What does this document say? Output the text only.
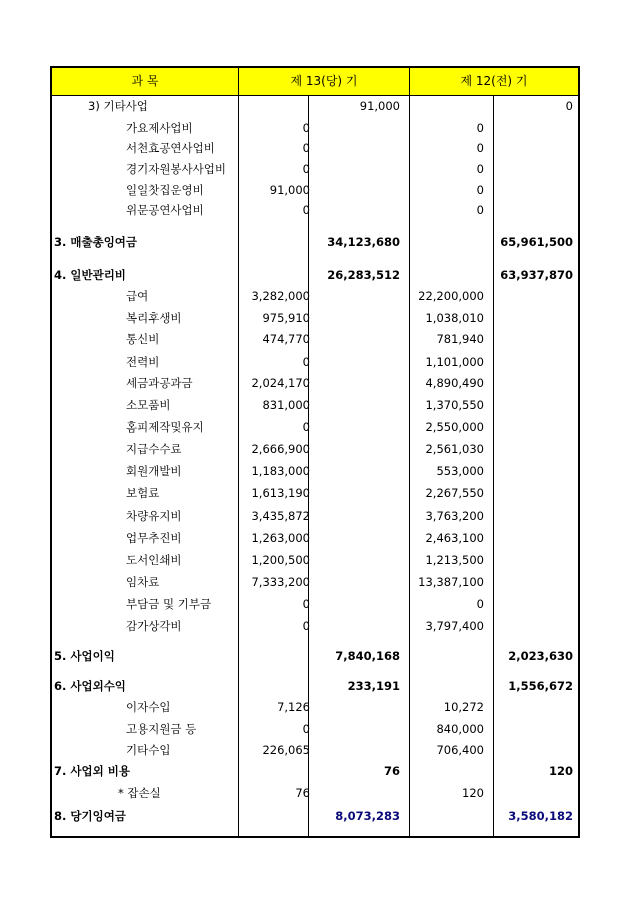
과 목	제 13(당) 기	제 12(전) 기
3) 기타사업	91,000	0
가요제사업비	0	0
서천효공연사업비	0	0
경기자원봉사사업비	0	0
일일찻집운영비	91,000	0
위문공연사업비	0	0
3. 매출총잉여금	34,123,680	65,961,500
4. 일반관리비	26,283,512	63,937,870
급여	3,282,000	22,200,000
복리후생비	975,910	1,038,010
통신비	474,770	781,940
전력비	0	1,101,000
세금과공과금	2,024,170	4,890,490
소모품비	831,000	1,370,550
홈피제작및유지	0	2,550,000
지급수수료	2,666,900	2,561,030
회원개발비	1,183,000	553,000
보험료	1,613,190	2,267,550
차량유지비	3,435,872	3,763,200
업무추진비	1,263,000	2,463,100
도서인쇄비	1,200,500	1,213,500
임차료	7,333,200	13,387,100
부담금 및 기부금	0	0
감가상각비	0	3,797,400
5. 사업이익	7,840,168	2,023,630
6. 사업외수익	233,191	1,556,672
이자수입	7,126	10,272
고용지원금 등	0	840,000
기타수입	226,065	706,400
7. 사업외 비용	76	120
* 잡손실	76	120
8. 당기잉여금	8,073,283	3,580,182
